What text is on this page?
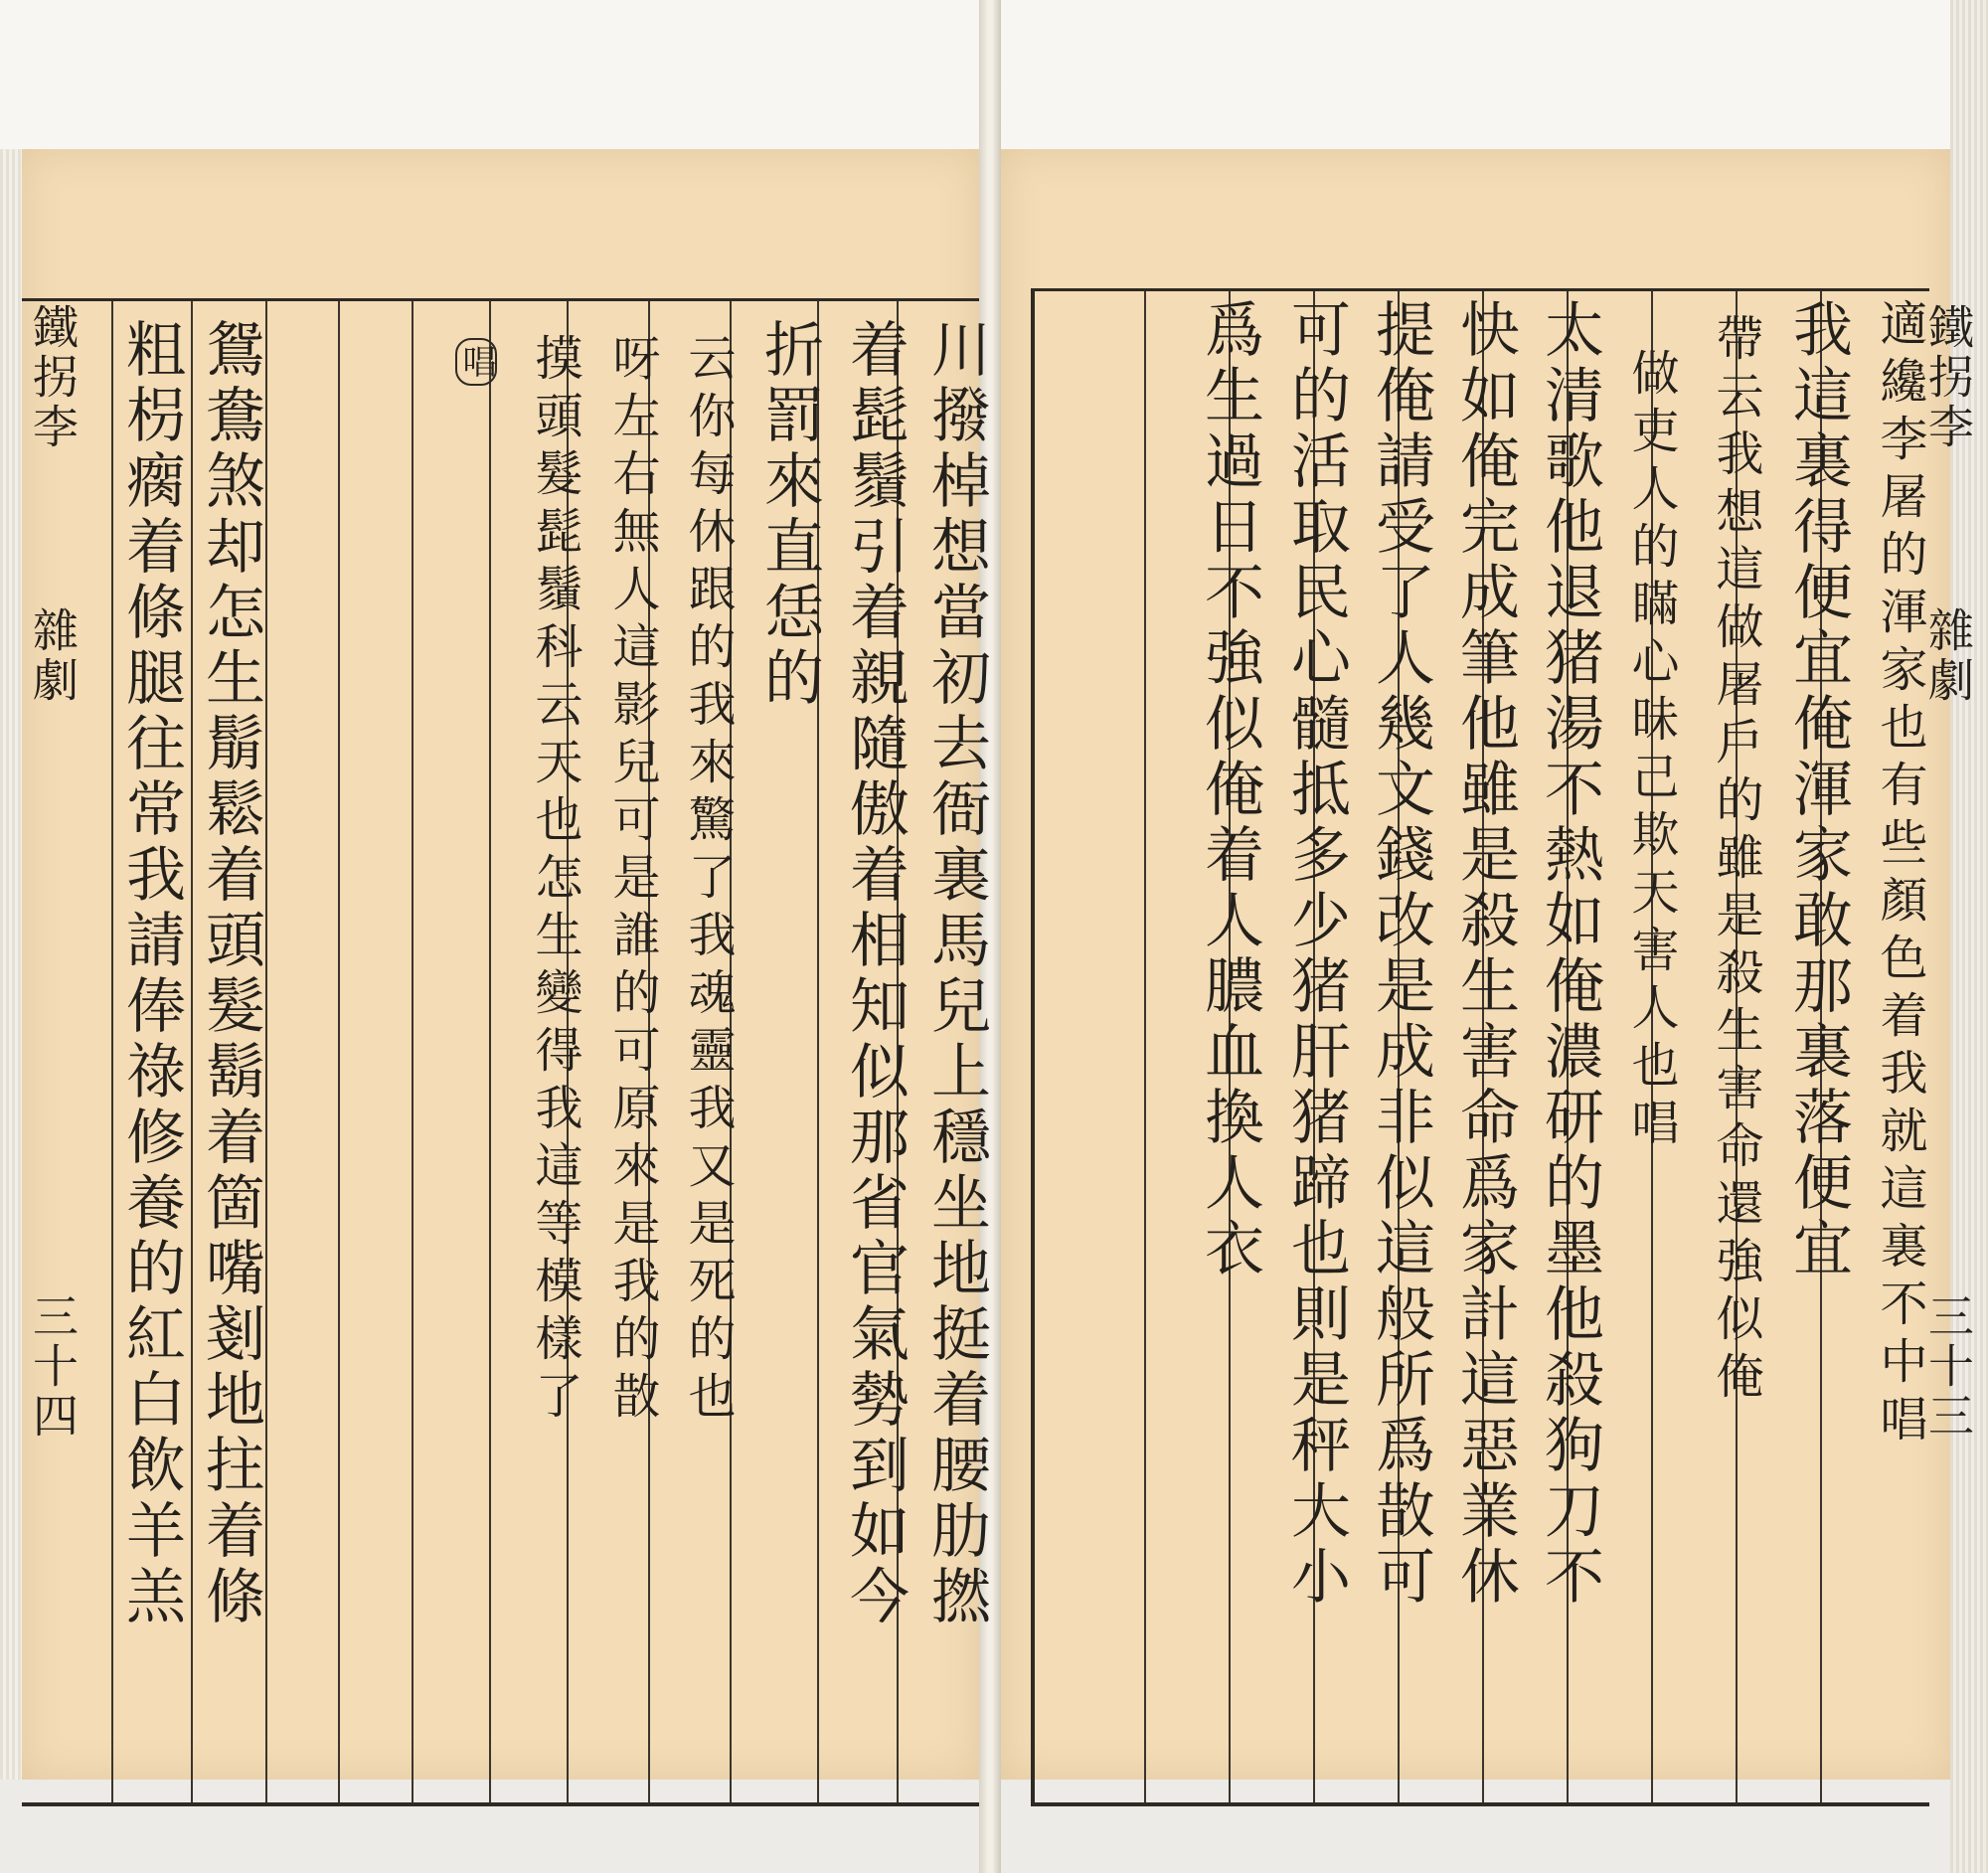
川撥棹想當初去衙裏馬兒上穩坐地挺着腰肋撚
着髭鬚引着親隨傲着相知似那省官氣勢到如今
折罰來直恁的
云你每休跟的我來驚了我魂靈我又是死的也
呀左右無人這影兒可是誰的可原來是我的㪚
摸頭髮髭鬚科云天也怎生變得我這等模樣了
唱
鴛鴦煞却怎生鬅鬆着頭髮鬍着箇嘴剗地拄着條
粗枴瘸着條腿往常我請俸祿修養的紅白飲羊羔
鐵拐李
雜劇
三十四	適纔李屠的渾家也有些顏色着我就這裏不中唱
我這裏得便宜俺渾家敢那裏落便宜
帶云我想這做屠戶的雖是殺生害命還強似俺
做吏人的瞞心昧己欺天害人也唱
太清歌他退猪湯不熱如俺濃研的墨他殺狗刀不
快如俺完成筆他雖是殺生害命爲家計這惡業休
提俺請受了人幾文錢改是成非似這般所爲㪚可
可的活取民心髓抵多少猪肝猪蹄也則是秤大小
爲生過日不強似俺着人膿血換人衣	鐵拐李
雜劇
三十三
